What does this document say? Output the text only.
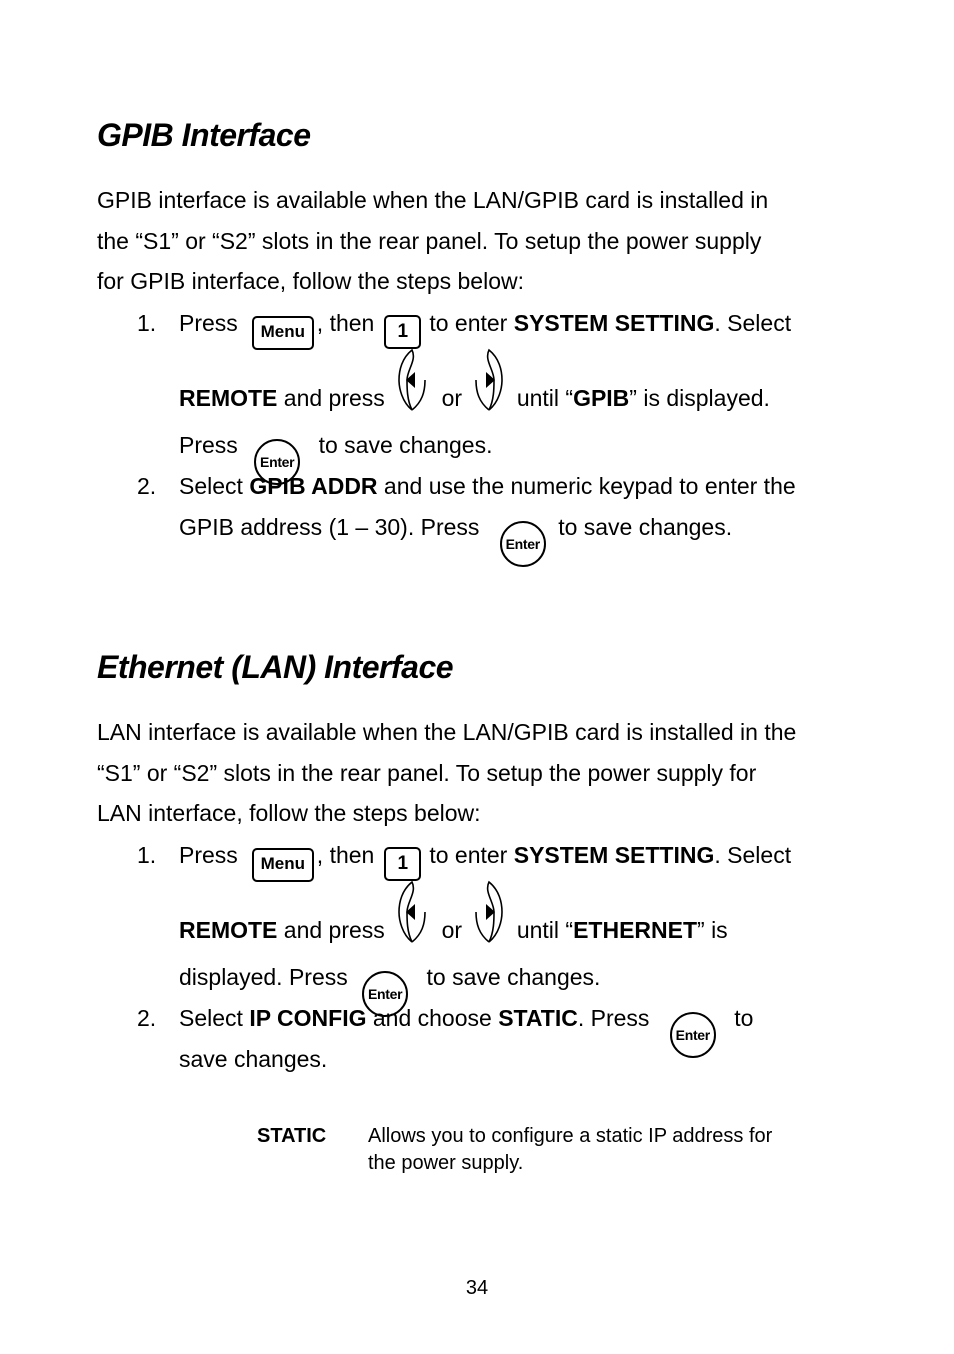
GPIB Interface
GPIB interface is available when the LAN/GPIB card is installed in
the “S1” or “S2” slots in the rear panel. To setup the power supply
for GPIB interface, follow the steps below:
1. Press Menu , then 1 to enter SYSTEM SETTING. Select
REMOTE and press or until “GPIB” is displayed.
Press Enter to save changes.
2. Select GPIB ADDR and use the numeric keypad to enter the
GPIB address (1 – 30). Press Enter to save changes.
Ethernet (LAN) Interface
LAN interface is available when the LAN/GPIB card is installed in the
“S1” or “S2” slots in the rear panel. To setup the power supply for
LAN interface, follow the steps below:
1. Press Menu , then 1 to enter SYSTEM SETTING. Select
REMOTE and press or until “ETHERNET” is
displayed. Press Enter to save changes.
2. Select IP CONFIG and choose STATIC. Press Enter to
save changes.
STATIC Allows you to configure a static IP address for
the power supply.
34
